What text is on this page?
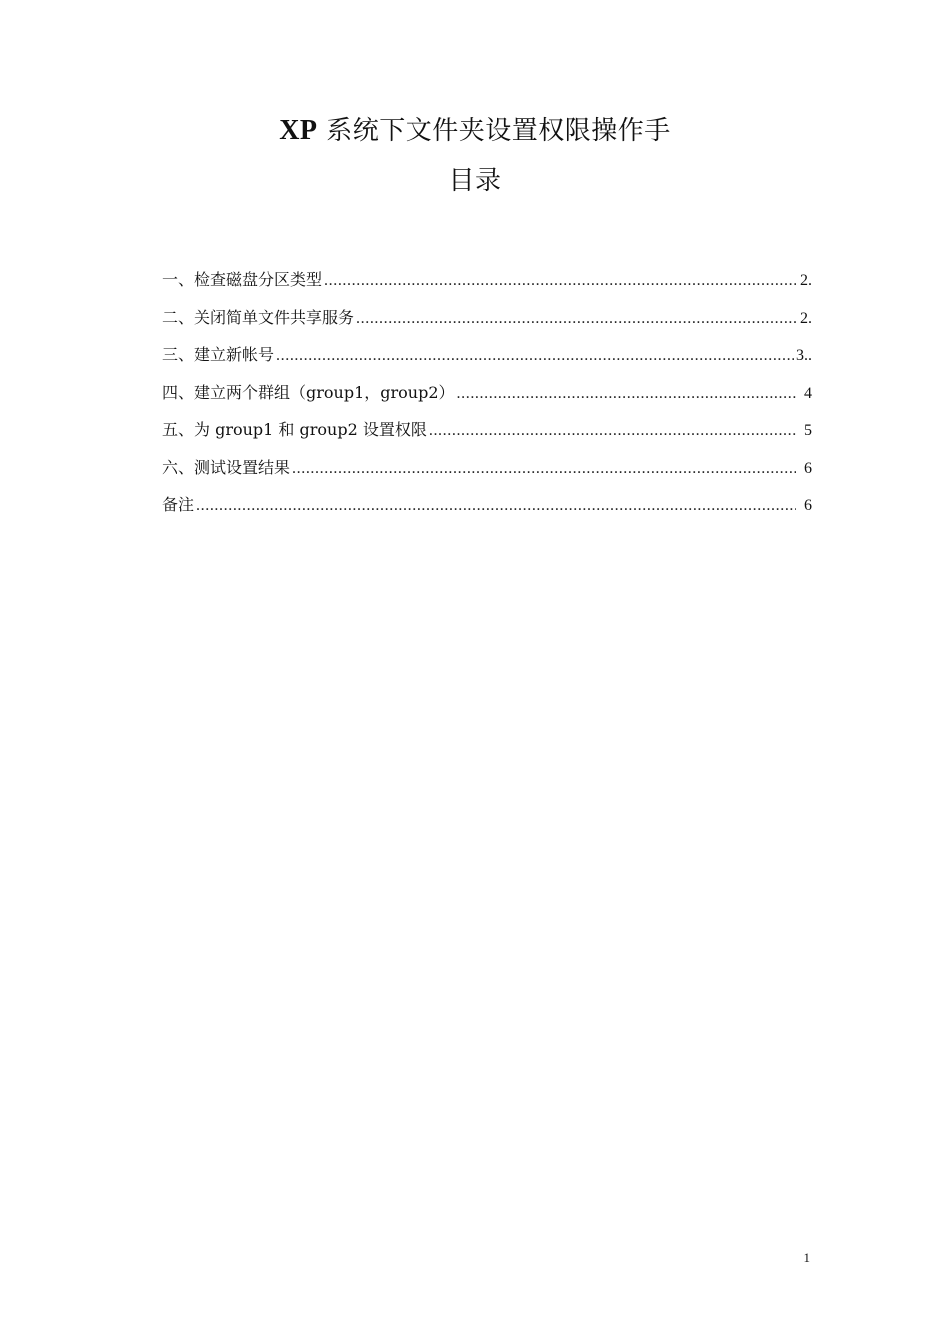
XP 系统下文件夹设置权限操作手
目录
一、检查磁盘分区类型 .....	2.
二、关闭简单文件共享服务 .....	2.
三、建立新帐号 .....	3..
四、建立两个群组（group1，group2） .....	4
五、为 group1 和 group2 设置权限 .....	5
六、测试设置结果 .....	6
备注 .....	6
1
